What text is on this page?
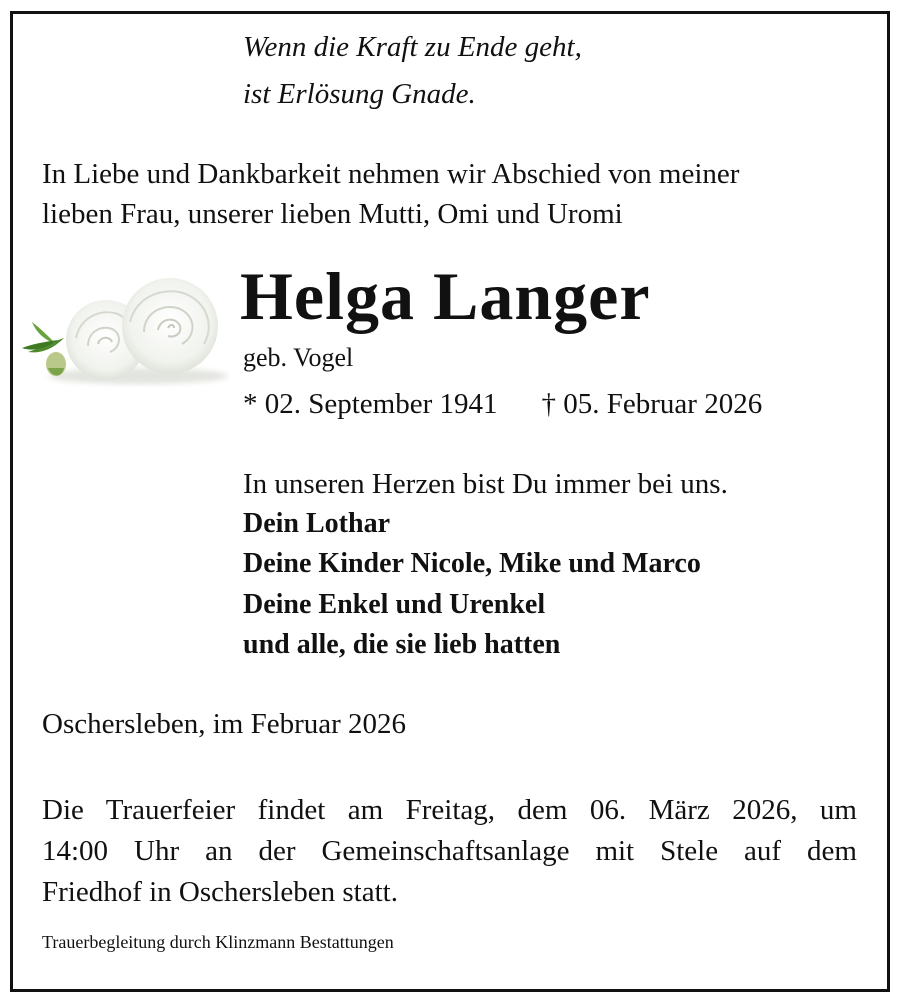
Wenn die Kraft zu Ende geht,
ist Erlösung Gnade.
In Liebe und Dankbarkeit nehmen wir Abschied von meiner
lieben Frau, unserer lieben Mutti, Omi und Uromi
Helga Langer
geb. Vogel
* 02. September 1941 † 05. Februar 2026
In unseren Herzen bist Du immer bei uns.
Dein Lothar
Deine Kinder Nicole, Mike und Marco
Deine Enkel und Urenkel
und alle, die sie lieb hatten
Oschersleben, im Februar 2026
Die Trauerfeier findet am Freitag, dem 06. März 2026, um
14:00 Uhr an der Gemeinschaftsanlage mit Stele auf dem
Friedhof in Oschersleben statt.
Trauerbegleitung durch Klinzmann Bestattungen
